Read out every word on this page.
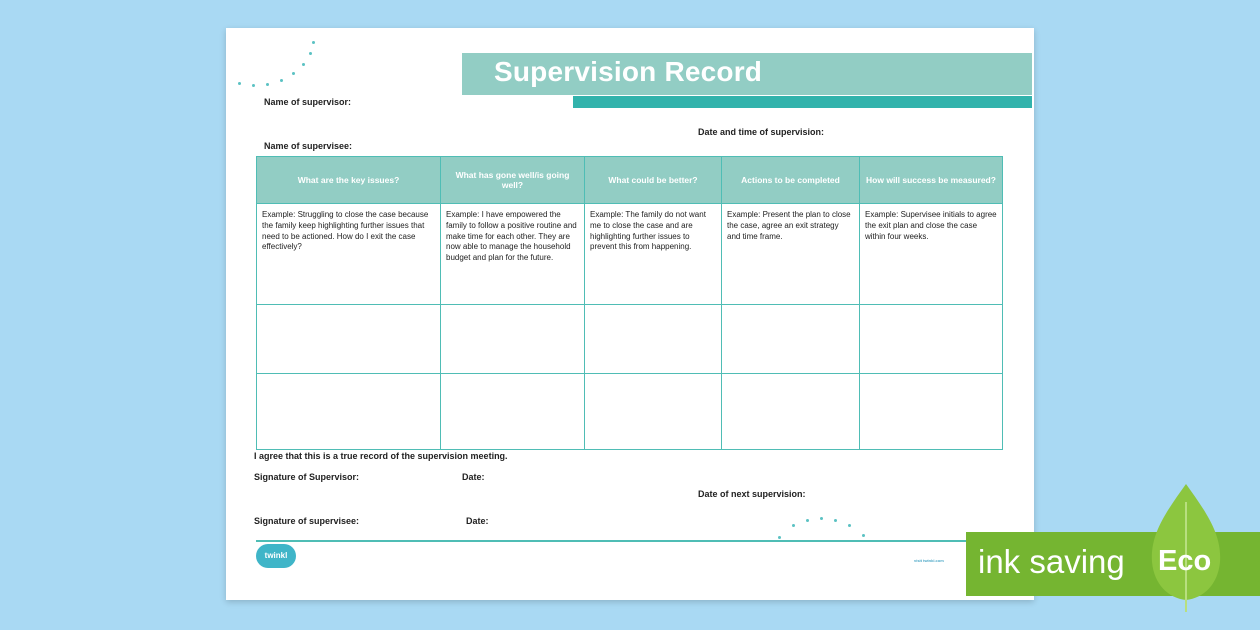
Supervision Record
Name of supervisor:
Date and time of supervision:
Name of supervisee:
What are the key issues?	What has gone well/is going well?	What could be better?	Actions to be completed	How will success be measured?
Example: Struggling to close the case because the family keep highlighting further issues that need to be actioned. How do I exit the case effectively?	Example: I have empowered the family to follow a positive routine and make time for each other. They are now able to manage the household budget and plan for the future.	Example: The family do not want me to close the case and are highlighting further issues to prevent this from happening.	Example: Present the plan to close the case, agree an exit strategy and time frame.	Example: Supervisee initials to agree the exit plan and close the case within four weeks.

I agree that this is a true record of the supervision meeting.
Signature of Supervisor:	Date:
Date of next supervision:
Signature of supervisee:	Date:
twinkl
visit twinkl.com ink saving Eco
